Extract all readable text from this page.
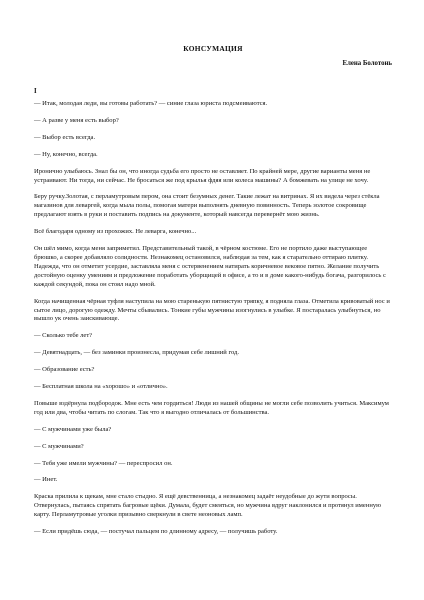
КОНСУМАЦИЯ
Елена Болотонь
I

— Итак, молодая леди, вы готовы работать? — синие глаза юриста подсмеиваются.

— А разве у меня есть выбор?

— Выбор есть всегда.

— Ну, конечно, всегда.

Иронично улыбаюсь. Знал бы он, что иногда судьба его просто не оставляет. По крайней мере, другие варианты меня не устраивают. Ни тогда, ни сейчас. Не бросаться же под крылья фдяя или колеса машины? А бомжевать на улице не хочу.

Беру ручку.Золотая, с перламутровым пером, она стоит безумных денег. Такие лежат на витринах. Я их видела через стёкла магазинов для леваргей, когда мыла полы, помогая матери выполнять дневную повинность. Теперь золотое сокровище предлагают взять в руки и поставить подпись на документе, который навсегда перевернёт мою жизнь.

Всё благодаря одному из прохожих. Не леварга, конечно...

Он шёл мимо, когда меня заприметил. Представительный такой, в чёрном костюме. Его не портило даже выступающее брюшко, а скорее добавляло солидности. Незнакомец остановился, наблюдая за тем, как я старательно оттираю плитку. Надежда, что он отметит усердие, заставляла меня с остервенением натирать коричневое вековое пятно. Желание получить достойную оценку умениям и предложение поработать уборщицей в офисе, а то и в доме какого-нибудь богача, разгорилось с каждой секундой, пока он стоял надо мной.

Когда начищенная чёрная туфля наступила на мою старенькую пятнистую тряпку, я подняла глаза. Отметила кривоватый нос и сытое лицо, дорогую одежду. Мечты сбывались. Тонкие губы мужчины изогнулись в улыбке. Я постаралась улыбнуться, но вышло ук очень заискивающе.

— Сколько тебе лет?

— Девятнадцать, — без заминки произнесла, придумав себе лишний год.

— Образование есть?

— Бесплатная школа на «хорошо» и «отлично».

Повыше вздёрнула подбородок. Мне есть чем гордиться! Люди из нашей общины не могли себе позволить учиться. Максимум год или два, чтобы читать по слогам. Так что я выгодно отличалась от большинства.

— С мужчинами уже была?

— С мужчинами?

— Тебя уже имели мужчины? — переспросил он.

— Инет.

Краска прилила к щекам, мне стало стыдно. Я ещё девственница, а незнакомец задаёт неудобные до жути вопросы. Отвернулась, пытаясь спрятать багровые щёки. Думала, будет смеяться, но мужчина вдруг наклонился и протянул именную карту. Перламутровые уголки призывно сверкнули в свете неоновых ламп.

— Если придёшь сюда, — постучал пальцем по длинному адресу, — получишь работу.
